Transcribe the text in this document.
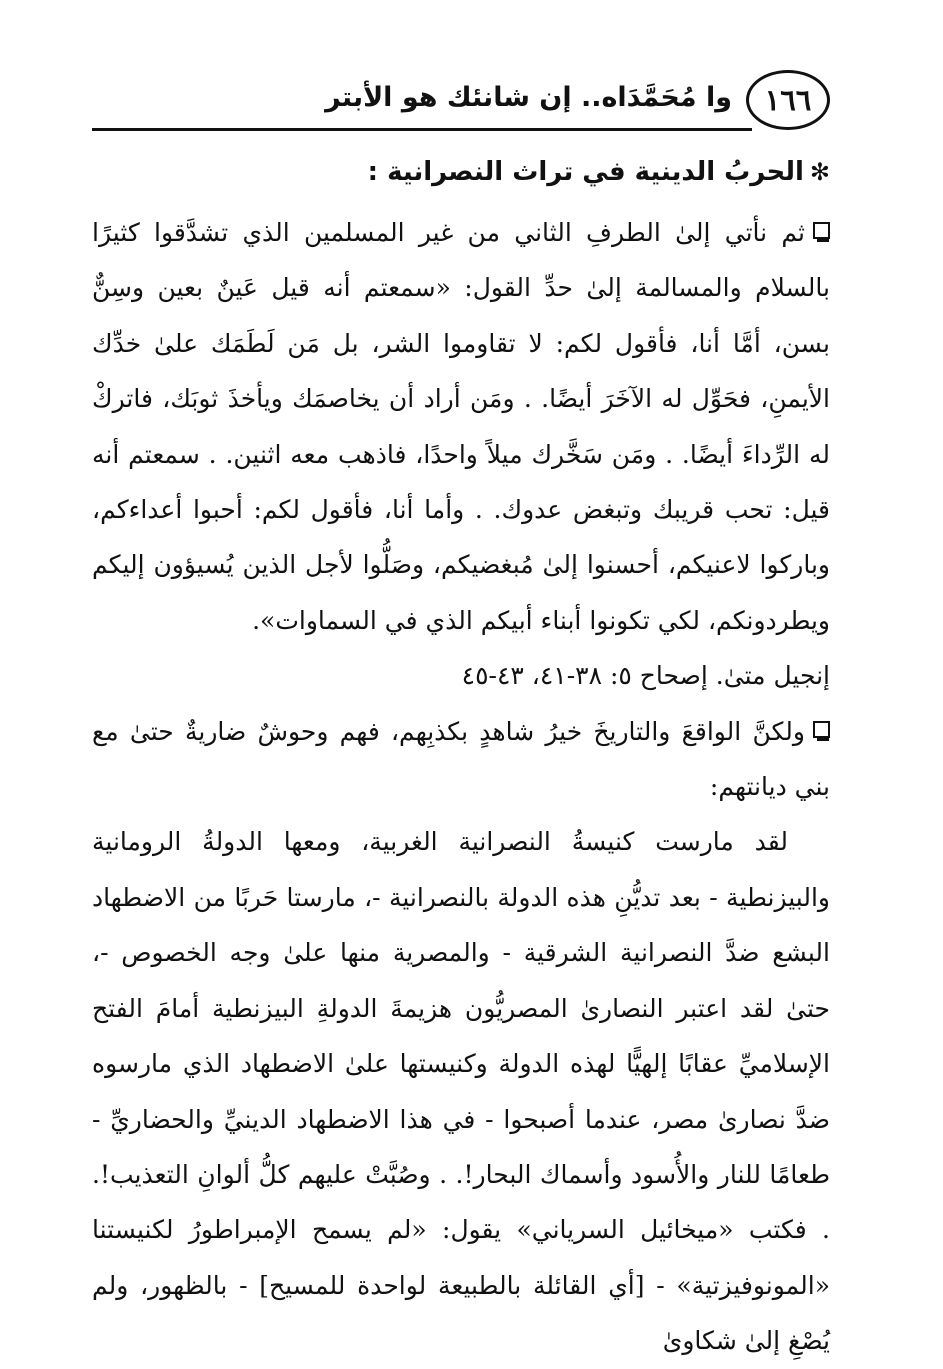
١٦٦
وا مُحَمَّدَاه.. إن شانئك هو الأبتر
✻الحربُ الدينية في تراث النصرانية :

ثم نأتي إلىٰ الطرفِ الثاني من غير المسلمين الذي تشدَّقوا كثيرًا بالسلام والمسالمة إلىٰ حدِّ القول: «سمعتم أنه قيل عَينٌ بعين وسِنٌّ بسن، أمَّا أنا، فأقول لكم: لا تقاوموا الشر، بل مَن لَطَمَك علىٰ خدِّك الأيمنِ، فحَوِّل له الآخَرَ أيضًا. . ومَن أراد أن يخاصمَك ويأخذَ ثوبَك، فاتركْ له الرِّداءَ أيضًا. . ومَن سَخَّرك ميلاً واحدًا، فاذهب معه اثنين. . سمعتم أنه قيل: تحب قريبك وتبغض عدوك. . وأما أنا، فأقول لكم: أحبوا أعداءكم، وباركوا لاعنيكم، أحسنوا إلىٰ مُبغضيكم، وصَلُّوا لأجل الذين يُسيؤون إليكم ويطردونكم، لكي تكونوا أبناء أبيكم الذي في السماوات».

إنجيل متىٰ. إصحاح ٥: ٣٨-٤١، ٤٣-٤٥

ولكنَّ الواقعَ والتاريخَ خيرُ شاهدٍ بكذبِهم، فهم وحوشٌ ضاريةٌ حتىٰ مع بني ديانتهم:

لقد مارست كنيسةُ النصرانية الغربية، ومعها الدولةُ الرومانية والبيزنطية - بعد تديُّنِ هذه الدولة بالنصرانية -، مارستا حَربًا من الاضطهاد البشع ضدَّ النصرانية الشرقية - والمصرية منها علىٰ وجه الخصوص -، حتىٰ لقد اعتبر النصارىٰ المصريُّون هزيمةَ الدولةِ البيزنطية أمامَ الفتح الإسلاميِّ عقابًا إلهيًّا لهذه الدولة وكنيستها علىٰ الاضطهاد الذي مارسوه ضدَّ نصارىٰ مصر، عندما أصبحوا - في هذا الاضطهاد الدينيِّ والحضاريِّ - طعامًا للنار والأُسود وأسماك البحار!. . وصُبَّتْ عليهم كلُّ ألوانِ التعذيب!. . فكتب «ميخائيل السرياني» يقول: «لم يسمح الإمبراطورُ لكنيستنا «المونوفيزتية» - [أي القائلة بالطبيعة لواحدة للمسيح] - بالظهور، ولم يُصْغِ إلىٰ شكاوىٰ
